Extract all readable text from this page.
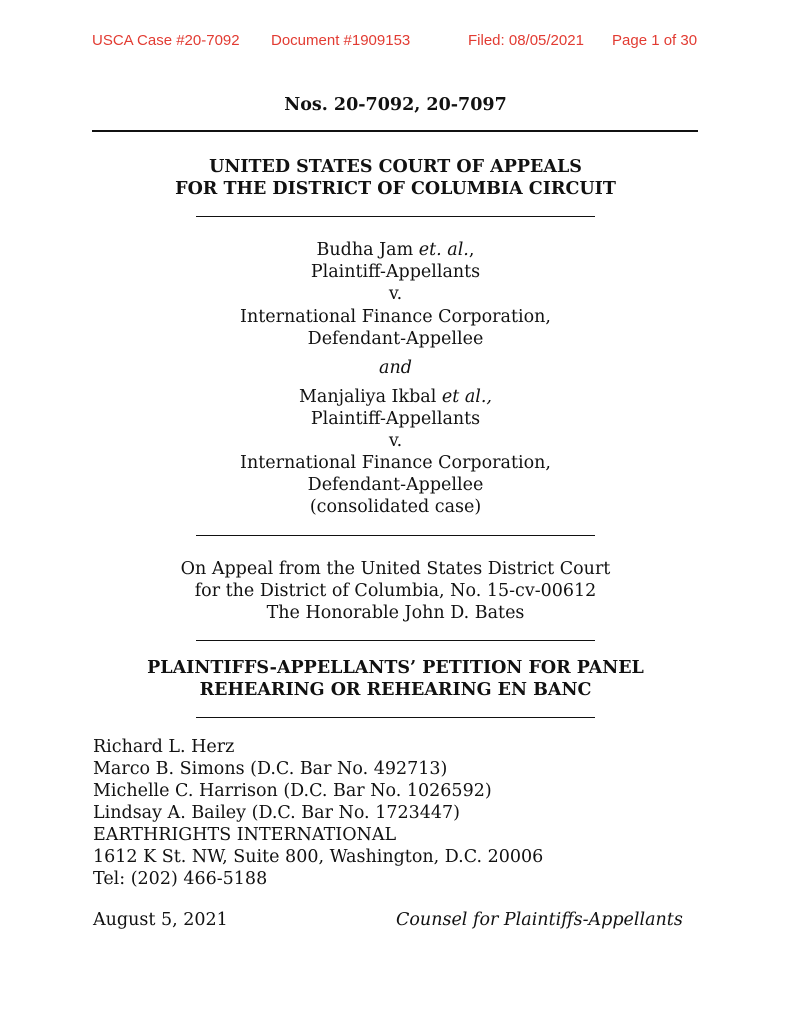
USCA Case #20-7092 Document #1909153	Filed: 08/05/2021 Page 1 of 30
Nos. 20-7092, 20-7097
UNITED STATES COURT OF APPEALS
FOR THE DISTRICT OF COLUMBIA CIRCUIT
Budha Jam et. al.,
Plaintiff-Appellants
v.
International Finance Corporation,
Defendant-Appellee
and
Manjaliya Ikbal et al.,
Plaintiff-Appellants
v.
International Finance Corporation,
Defendant-Appellee
(consolidated case)
On Appeal from the United States District Court
for the District of Columbia, No. 15-cv-00612
The Honorable John D. Bates
PLAINTIFFS-APPELLANTS’ PETITION FOR PANEL
REHEARING OR REHEARING EN BANC
Richard L. Herz
Marco B. Simons (D.C. Bar No. 492713)
Michelle C. Harrison (D.C. Bar No. 1026592)
Lindsay A. Bailey (D.C. Bar No. 1723447)
EARTHRIGHTS INTERNATIONAL
1612 K St. NW, Suite 800, Washington, D.C. 20006
Tel: (202) 466-5188
August 5, 2021	Counsel for Plaintiffs-Appellants
